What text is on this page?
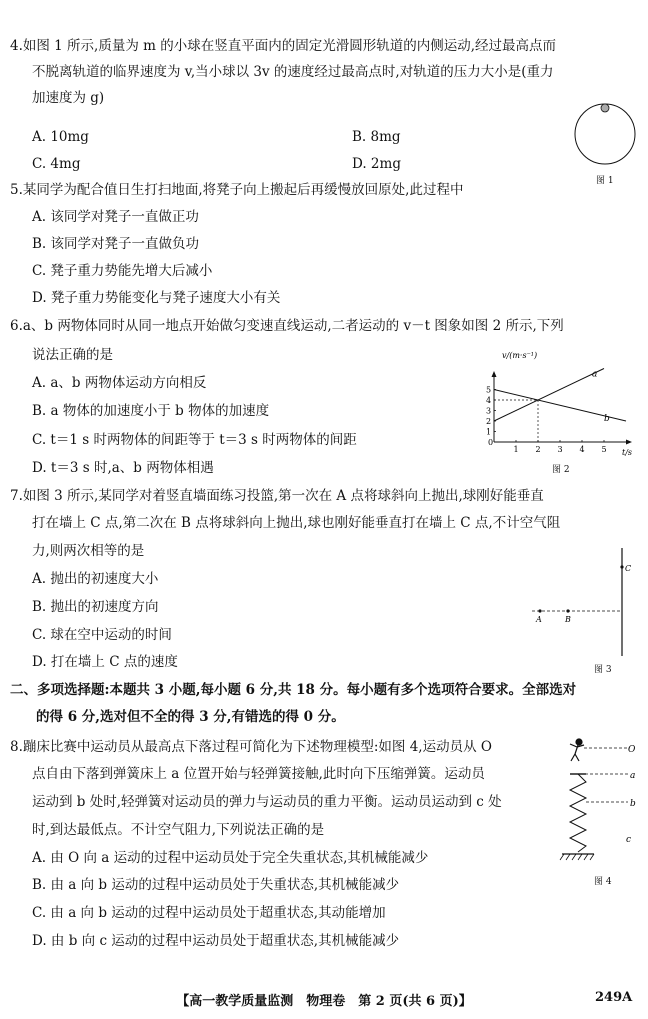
4.如图 1 所示,质量为 m 的小球在竖直平面内的固定光滑圆形轨道的内侧运动,经过最高点而
不脱离轨道的临界速度为 v,当小球以 3v 的速度经过最高点时,对轨道的压力大小是(重力
加速度为 g)
A. 10mg	B. 8mg
C. 4mg	D. 2mg
图 1
5.某同学为配合值日生打扫地面,将凳子向上搬起后再缓慢放回原处,此过程中
A. 该同学对凳子一直做正功
B. 该同学对凳子一直做负功
C. 凳子重力势能先增大后减小
D. 凳子重力势能变化与凳子速度大小有关
6.a、b 两物体同时从同一地点开始做匀变速直线运动,二者运动的 v－t 图象如图 2 所示,下列
说法正确的是
A. a、b 两物体运动方向相反
B. a 物体的加速度小于 b 物体的加速度
C. t＝1 s 时两物体的间距等于 t＝3 s 时两物体的间距
D. t＝3 s 时,a、b 两物体相遇
1 2 3 4 5
5
4
3
2
1
v/(m·s⁻¹)
t/s
0
a
b
图 2
7.如图 3 所示,某同学对着竖直墙面练习投篮,第一次在 A 点将球斜向上抛出,球刚好能垂直
打在墙上 C 点,第二次在 B 点将球斜向上抛出,球也刚好能垂直打在墙上 C 点,不计空气阻
力,则两次相等的是
A. 抛出的初速度大小
B. 抛出的初速度方向
C. 球在空中运动的时间
D. 打在墙上 C 点的速度
A	B
C
图 3
二、多项选择题:本题共 3 小题,每小题 6 分,共 18 分。每小题有多个选项符合要求。全部选对
的得 6 分,选对但不全的得 3 分,有错选的得 0 分。
8.蹦床比赛中运动员从最高点下落过程可简化为下述物理模型:如图 4,运动员从 O
点自由下落到弹簧床上 a 位置开始与轻弹簧接触,此时向下压缩弹簧。运动员
运动到 b 处时,轻弹簧对运动员的弹力与运动员的重力平衡。运动员运动到 c 处
时,到达最低点。不计空气阻力,下列说法正确的是
A. 由 O 向 a 运动的过程中运动员处于完全失重状态,其机械能减少
B. 由 a 向 b 运动的过程中运动员处于失重状态,其机械能减少
C. 由 a 向 b 运动的过程中运动员处于超重状态,其动能增加
D. 由 b 向 c 运动的过程中运动员处于超重状态,其机械能减少
O
a
b
c
图 4
【高一教学质量监测　物理卷　第 2 页(共 6 页)】	249A
